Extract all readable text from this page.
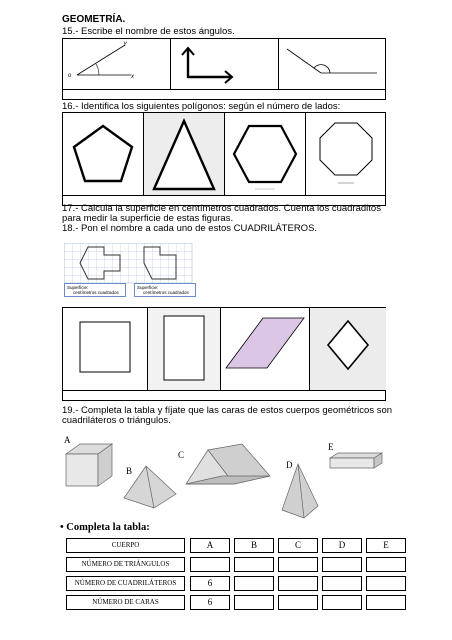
GEOMETRÍA.
15.- Escribe el nombre de estos ángulos.
o
Y
x
16.- Identifica los siguientes polígonos: según el número de lados:
17.- Calcula la superficie en centímetros cuadrados. Cuenta los cuadraditos
para medir la superficie de estas figuras.
18.- Pon el nombre a cada uno de estos CUADRILÁTEROS.
Superficie:
centímetros cuadrados
Superficie:
centímetros cuadrados
19.- Completa la tabla y fíjate que las caras de estos cuerpos geométricos son
cuadriláteros o triángulos.
A
B
C
D
E
• Completa la tabla:
CUERPO	A	B	C	D	E

NÚMERO DE TRIÁNGULOS					

NÚMERO DE CUADRILÁTEROS	6				

NÚMERO DE CARAS	6				
